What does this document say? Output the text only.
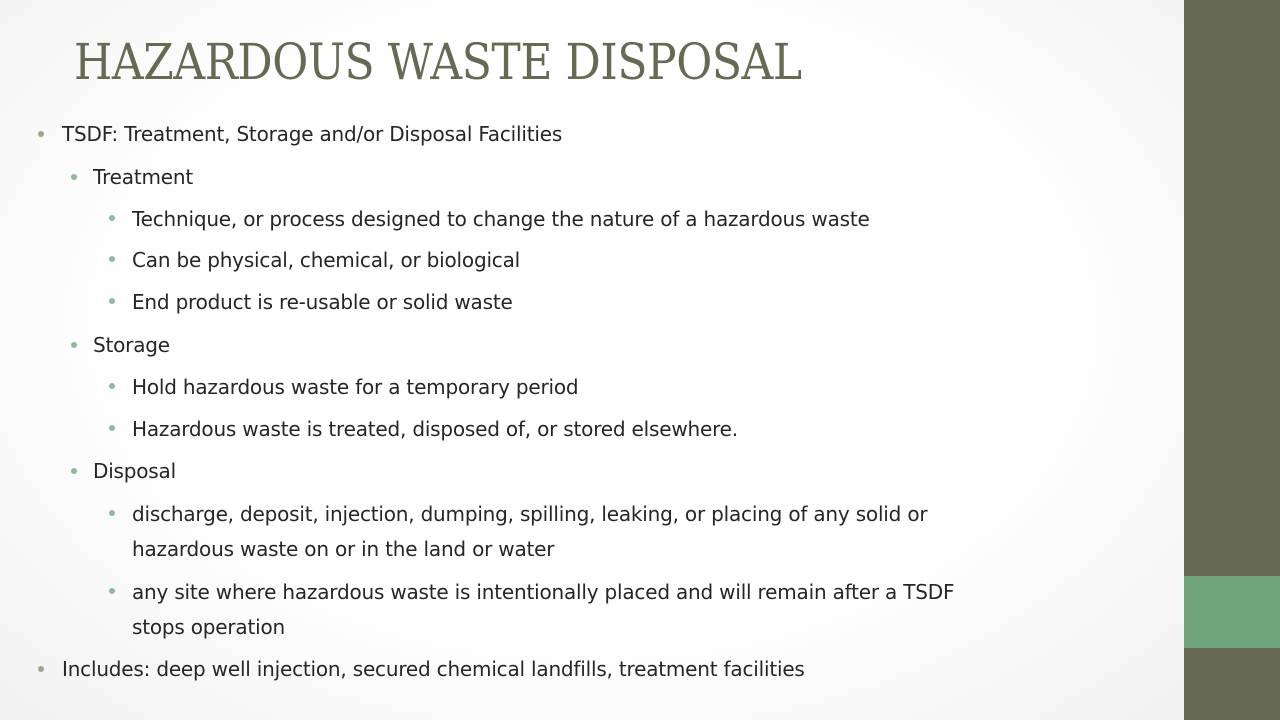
HAZARDOUS WASTE DISPOSAL
TSDF: Treatment, Storage and/or Disposal Facilities
Treatment
Technique, or process designed to change the nature of a hazardous waste
Can be physical, chemical, or biological
End product is re-usable or solid waste
Storage
Hold hazardous waste for a temporary period
Hazardous waste is treated, disposed of, or stored elsewhere.
Disposal
discharge, deposit, injection, dumping, spilling, leaking, or placing of any solid or
hazardous waste on or in the land or water
any site where hazardous waste is intentionally placed and will remain after a TSDF
stops operation
Includes: deep well injection, secured chemical landfills, treatment facilities
